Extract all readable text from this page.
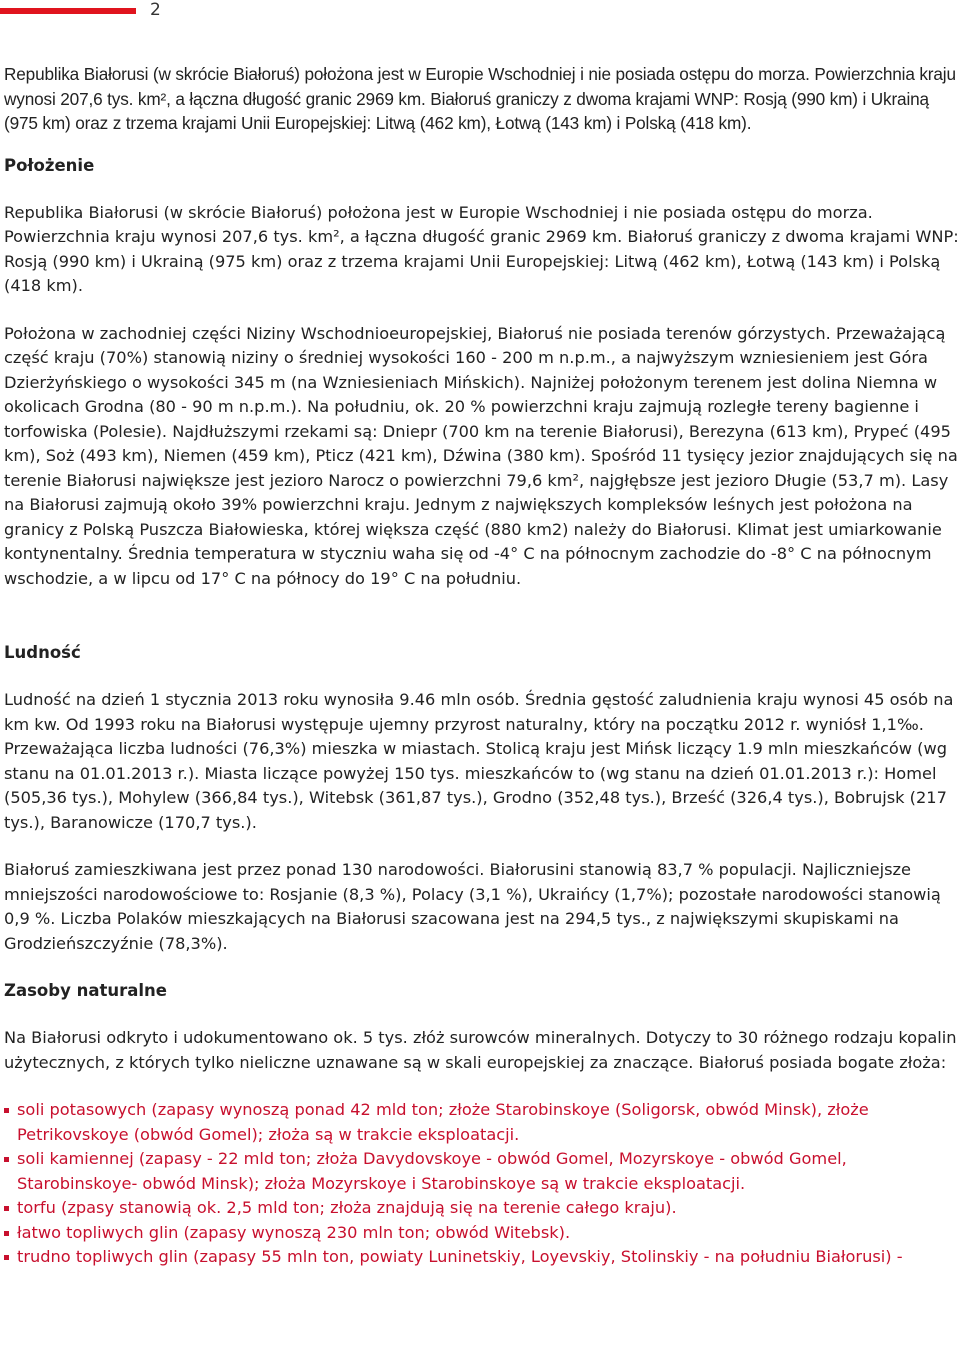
2

Republika Białorusi (w skrócie Białoruś) położona jest w Europie Wschodniej i nie posiada ostępu do morza. Powierzchnia kraju wynosi 207,6 tys. km², a łączna długość granic 2969 km. Białoruś graniczy z dwoma krajami WNP: Rosją (990 km) i Ukrainą (975 km) oraz z trzema krajami Unii Europejskiej: Litwą (462 km), Łotwą (143 km) i Polską (418 km).

Położenie

Republika Białorusi (w skrócie Białoruś) położona jest w Europie Wschodniej i nie posiada ostępu do morza. Powierzchnia kraju wynosi 207,6 tys. km², a łączna długość granic 2969 km. Białoruś graniczy z dwoma krajami WNP: Rosją (990 km) i Ukrainą (975 km) oraz z trzema krajami Unii Europejskiej: Litwą (462 km), Łotwą (143 km) i Polską (418 km).

Położona w zachodniej części Niziny Wschodnioeuropejskiej, Białoruś nie posiada terenów górzystych. Przeważającą część kraju (70%) stanowią niziny o średniej wysokości 160 - 200 m n.p.m., a najwyższym wzniesieniem jest Góra Dzierżyńskiego o wysokości 345 m (na Wzniesieniach Mińskich). Najniżej położonym terenem jest dolina Niemna w okolicach Grodna (80 - 90 m n.p.m.). Na południu, ok. 20 % powierzchni kraju zajmują rozległe tereny bagienne i torfowiska (Polesie). Najdłuższymi rzekami są: Dniepr (700 km na terenie Białorusi), Berezyna (613 km), Prypeć (495 km), Soż (493 km), Niemen (459 km), Pticz (421 km), Dźwina (380 km). Spośród 11 tysięcy jezior znajdujących się na terenie Białorusi największe jest jezioro Narocz o powierzchni 79,6 km², najgłębsze jest jezioro Długie (53,7 m). Lasy na Białorusi zajmują około 39% powierzchni kraju. Jednym z największych kompleksów leśnych jest położona na granicy z Polską Puszcza Białowieska, której większa część (880 km2) należy do Białorusi. Klimat jest umiarkowanie kontynentalny. Średnia temperatura w styczniu waha się od -4° C na północnym zachodzie do -8° C na północnym wschodzie, a w lipcu od 17° C na północy do 19° C na południu.

Ludność

Ludność na dzień 1 stycznia 2013 roku wynosiła 9.46 mln osób. Średnia gęstość zaludnienia kraju wynosi 45 osób na km kw. Od 1993 roku na Białorusi występuje ujemny przyrost naturalny, który na początku 2012 r. wyniósł 1,1‰. Przeważająca liczba ludności (76,3%) mieszka w miastach. Stolicą kraju jest Mińsk liczący 1.9 mln mieszkańców (wg stanu na 01.01.2013 r.). Miasta liczące powyżej 150 tys. mieszkańców to (wg stanu na dzień 01.01.2013 r.): Homel (505,36 tys.), Mohylew (366,84 tys.), Witebsk (361,87 tys.), Grodno (352,48 tys.), Brześć (326,4 tys.), Bobrujsk (217 tys.), Baranowicze (170,7 tys.).

Białoruś zamieszkiwana jest przez ponad 130 narodowości. Białorusini stanowią 83,7 % populacji. Najliczniejsze mniejszości narodowościowe to: Rosjanie (8,3 %), Polacy (3,1 %), Ukraińcy (1,7%); pozostałe narodowości stanowią 0,9 %. Liczba Polaków mieszkających na Białorusi szacowana jest na 294,5 tys., z największymi skupiskami na Grodzieńszczyźnie (78,3%).

Zasoby naturalne

Na Białorusi odkryto i udokumentowano ok. 5 tys. złóż surowców mineralnych. Dotyczy to 30 różnego rodzaju kopalin użytecznych, z których tylko nieliczne uznawane są w skali europejskiej za znaczące. Białoruś posiada bogate złoża:

soli potasowych (zapasy wynoszą ponad 42 mld ton; złoże Starobinskoye (Soligorsk, obwód Minsk), złoże Petrikovskoye (obwód Gomel); złoża są w trakcie eksploatacji.
soli kamiennej (zapasy - 22 mld ton; złoża Davydovskoye - obwód Gomel, Mozyrskoye - obwód Gomel, Starobinskoye- obwód Minsk); złoża Mozyrskoye i Starobinskoye są w trakcie eksploatacji.
torfu (zpasy stanowią ok. 2,5 mld ton; złoża znajdują się na terenie całego kraju).
łatwo topliwych glin (zapasy wynoszą 230 mln ton; obwód Witebsk).
trudno topliwych glin (zapasy 55 mln ton, powiaty Luninetskiy, Loyevskiy, Stolinskiy - na południu Białorusi) -
